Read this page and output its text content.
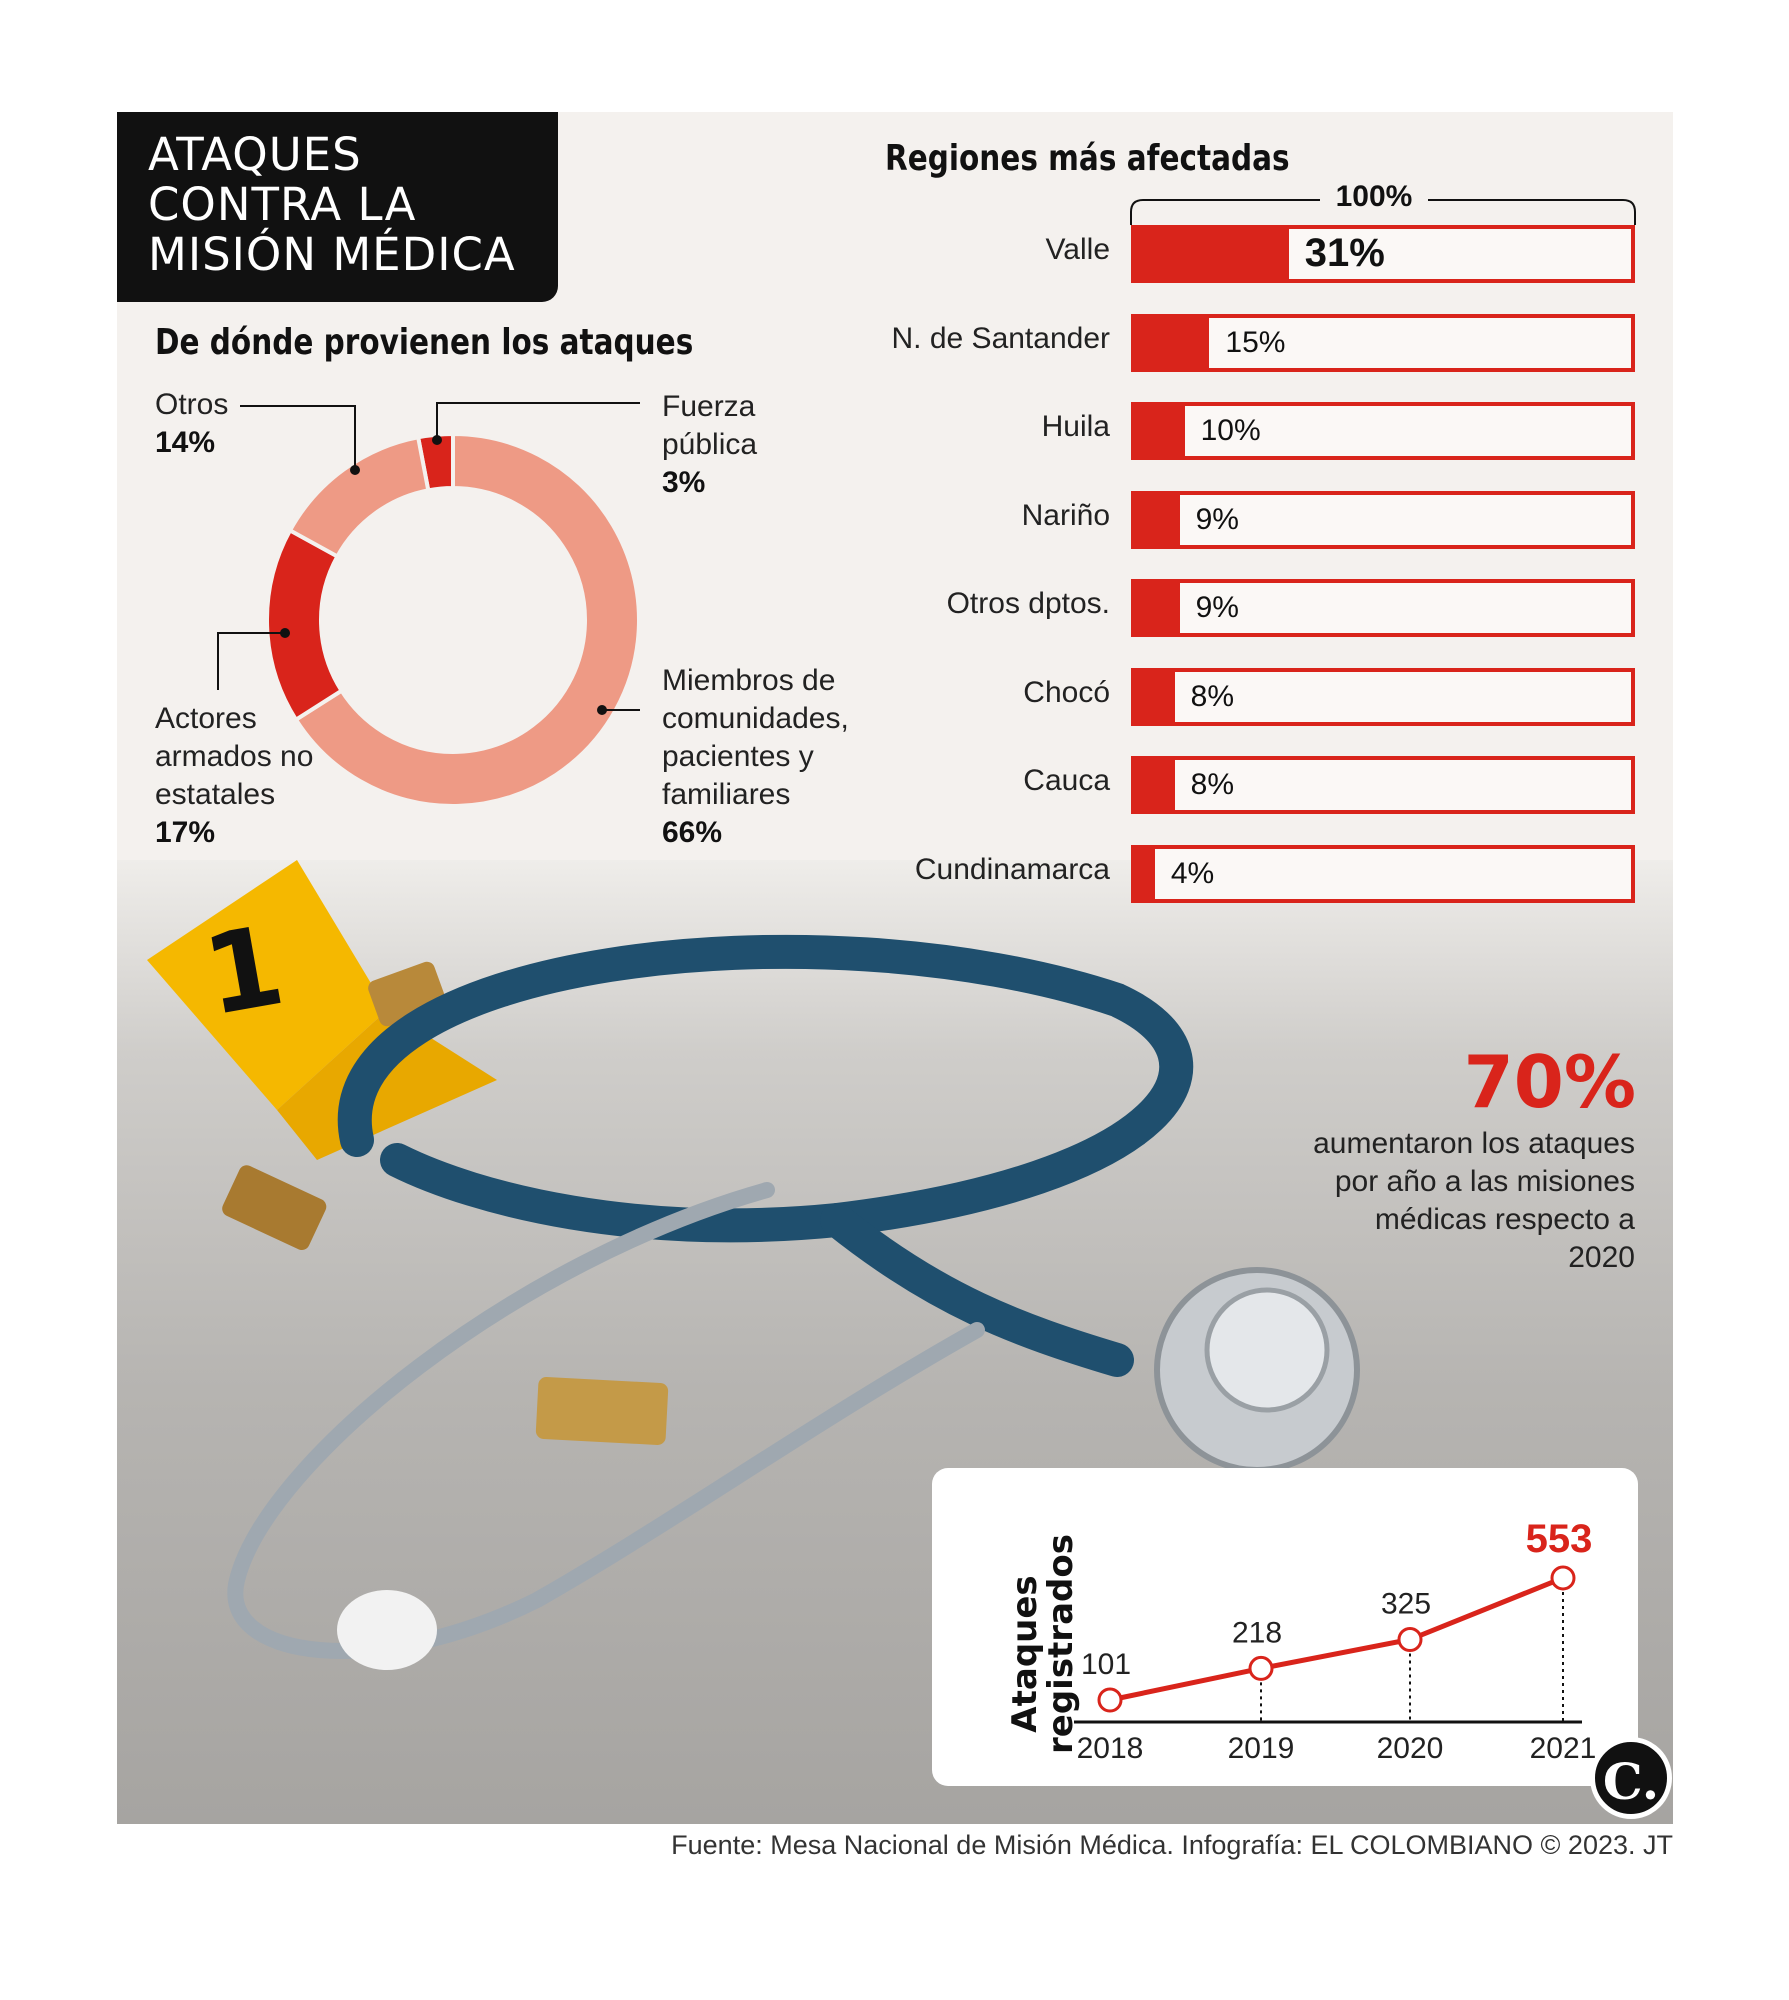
1
ATAQUES CONTRA LA MISIÓN MÉDICA
De dónde provienen los ataques
Otros
14%
Fuerza pública
3%
Actores armados no estatales
17%
Miembros de comunidades, pacientes y familiares
66%
Regiones más afectadas
100%
Valle	31%
N. de Santander	15%
Huila	10%
Nariño	9%
Otros dptos.	9%
Chocó	8%
Cauca	8%
Cundinamarca 4%
70%
aumentaron los ataques por año a las misiones médicas respecto a 2020
Ataques registrados 101
2018
218
2019
325
2020
553
2021
Fuente: Mesa Nacional de Misión Médica. Infografía: EL COLOMBIANO © 2023. JT
C.
